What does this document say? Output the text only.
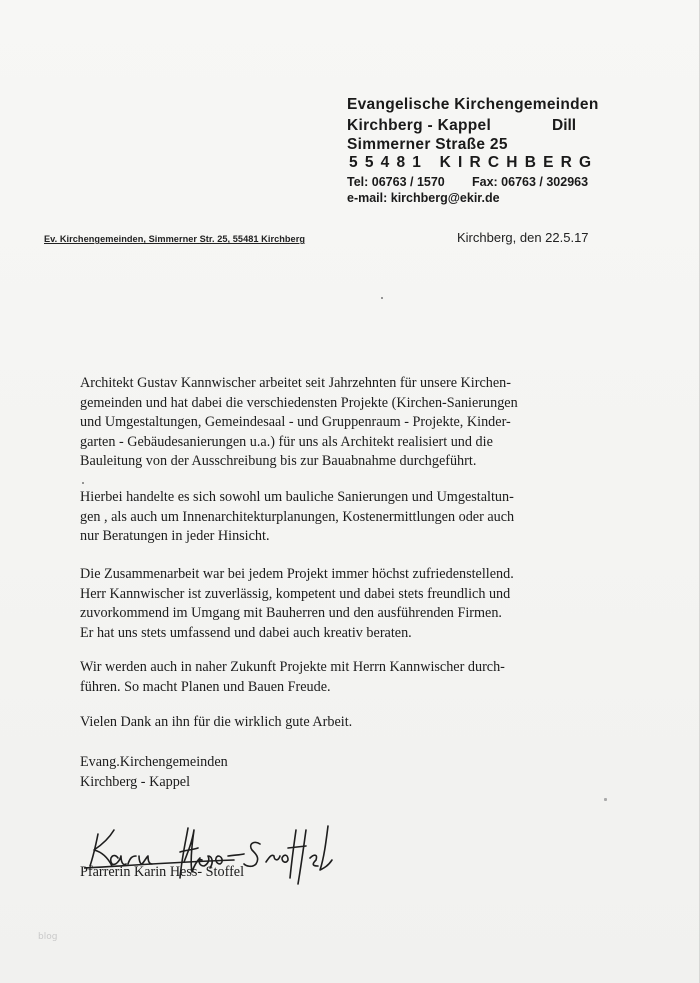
Evangelische Kirchengemeinden
Kirchberg - Kappel	Dill
Simmerner Straße 25
55481 KIRCHBERG
Tel: 06763 / 1570 Fax: 06763 / 302963
e-mail: kirchberg@ekir.de
Ev. Kirchengemeinden, Simmerner Str. 25, 55481 Kirchberg	Kirchberg, den 22.5.17
Architekt Gustav Kannwischer arbeitet seit Jahrzehnten für unsere Kirchen-
gemeinden und hat dabei die verschiedensten Projekte (Kirchen-Sanierungen
und Umgestaltungen, Gemeindesaal - und Gruppenraum - Projekte, Kinder-
garten - Gebäudesanierungen u.a.) für uns als Architekt realisiert und die
Bauleitung von der Ausschreibung bis zur Bauabnahme durchgeführt.
Hierbei handelte es sich sowohl um bauliche Sanierungen und Umgestaltun-
gen , als auch um Innenarchitekturplanungen, Kostenermittlungen oder auch
nur Beratungen in jeder Hinsicht.
Die Zusammenarbeit war bei jedem Projekt immer höchst zufriedenstellend.
Herr Kannwischer ist zuverlässig, kompetent und dabei stets freundlich und
zuvorkommend im Umgang mit Bauherren und den ausführenden Firmen.
Er hat uns stets umfassend und dabei auch kreativ beraten.
Wir werden auch in naher Zukunft Projekte mit Herrn Kannwischer durch-
führen. So macht Planen und Bauen Freude.
Vielen Dank an ihn für die wirklich gute Arbeit.
Evang.Kirchengemeinden
Kirchberg - Kappel
Pfarrerin Karin Hess- Stoffel
blog
